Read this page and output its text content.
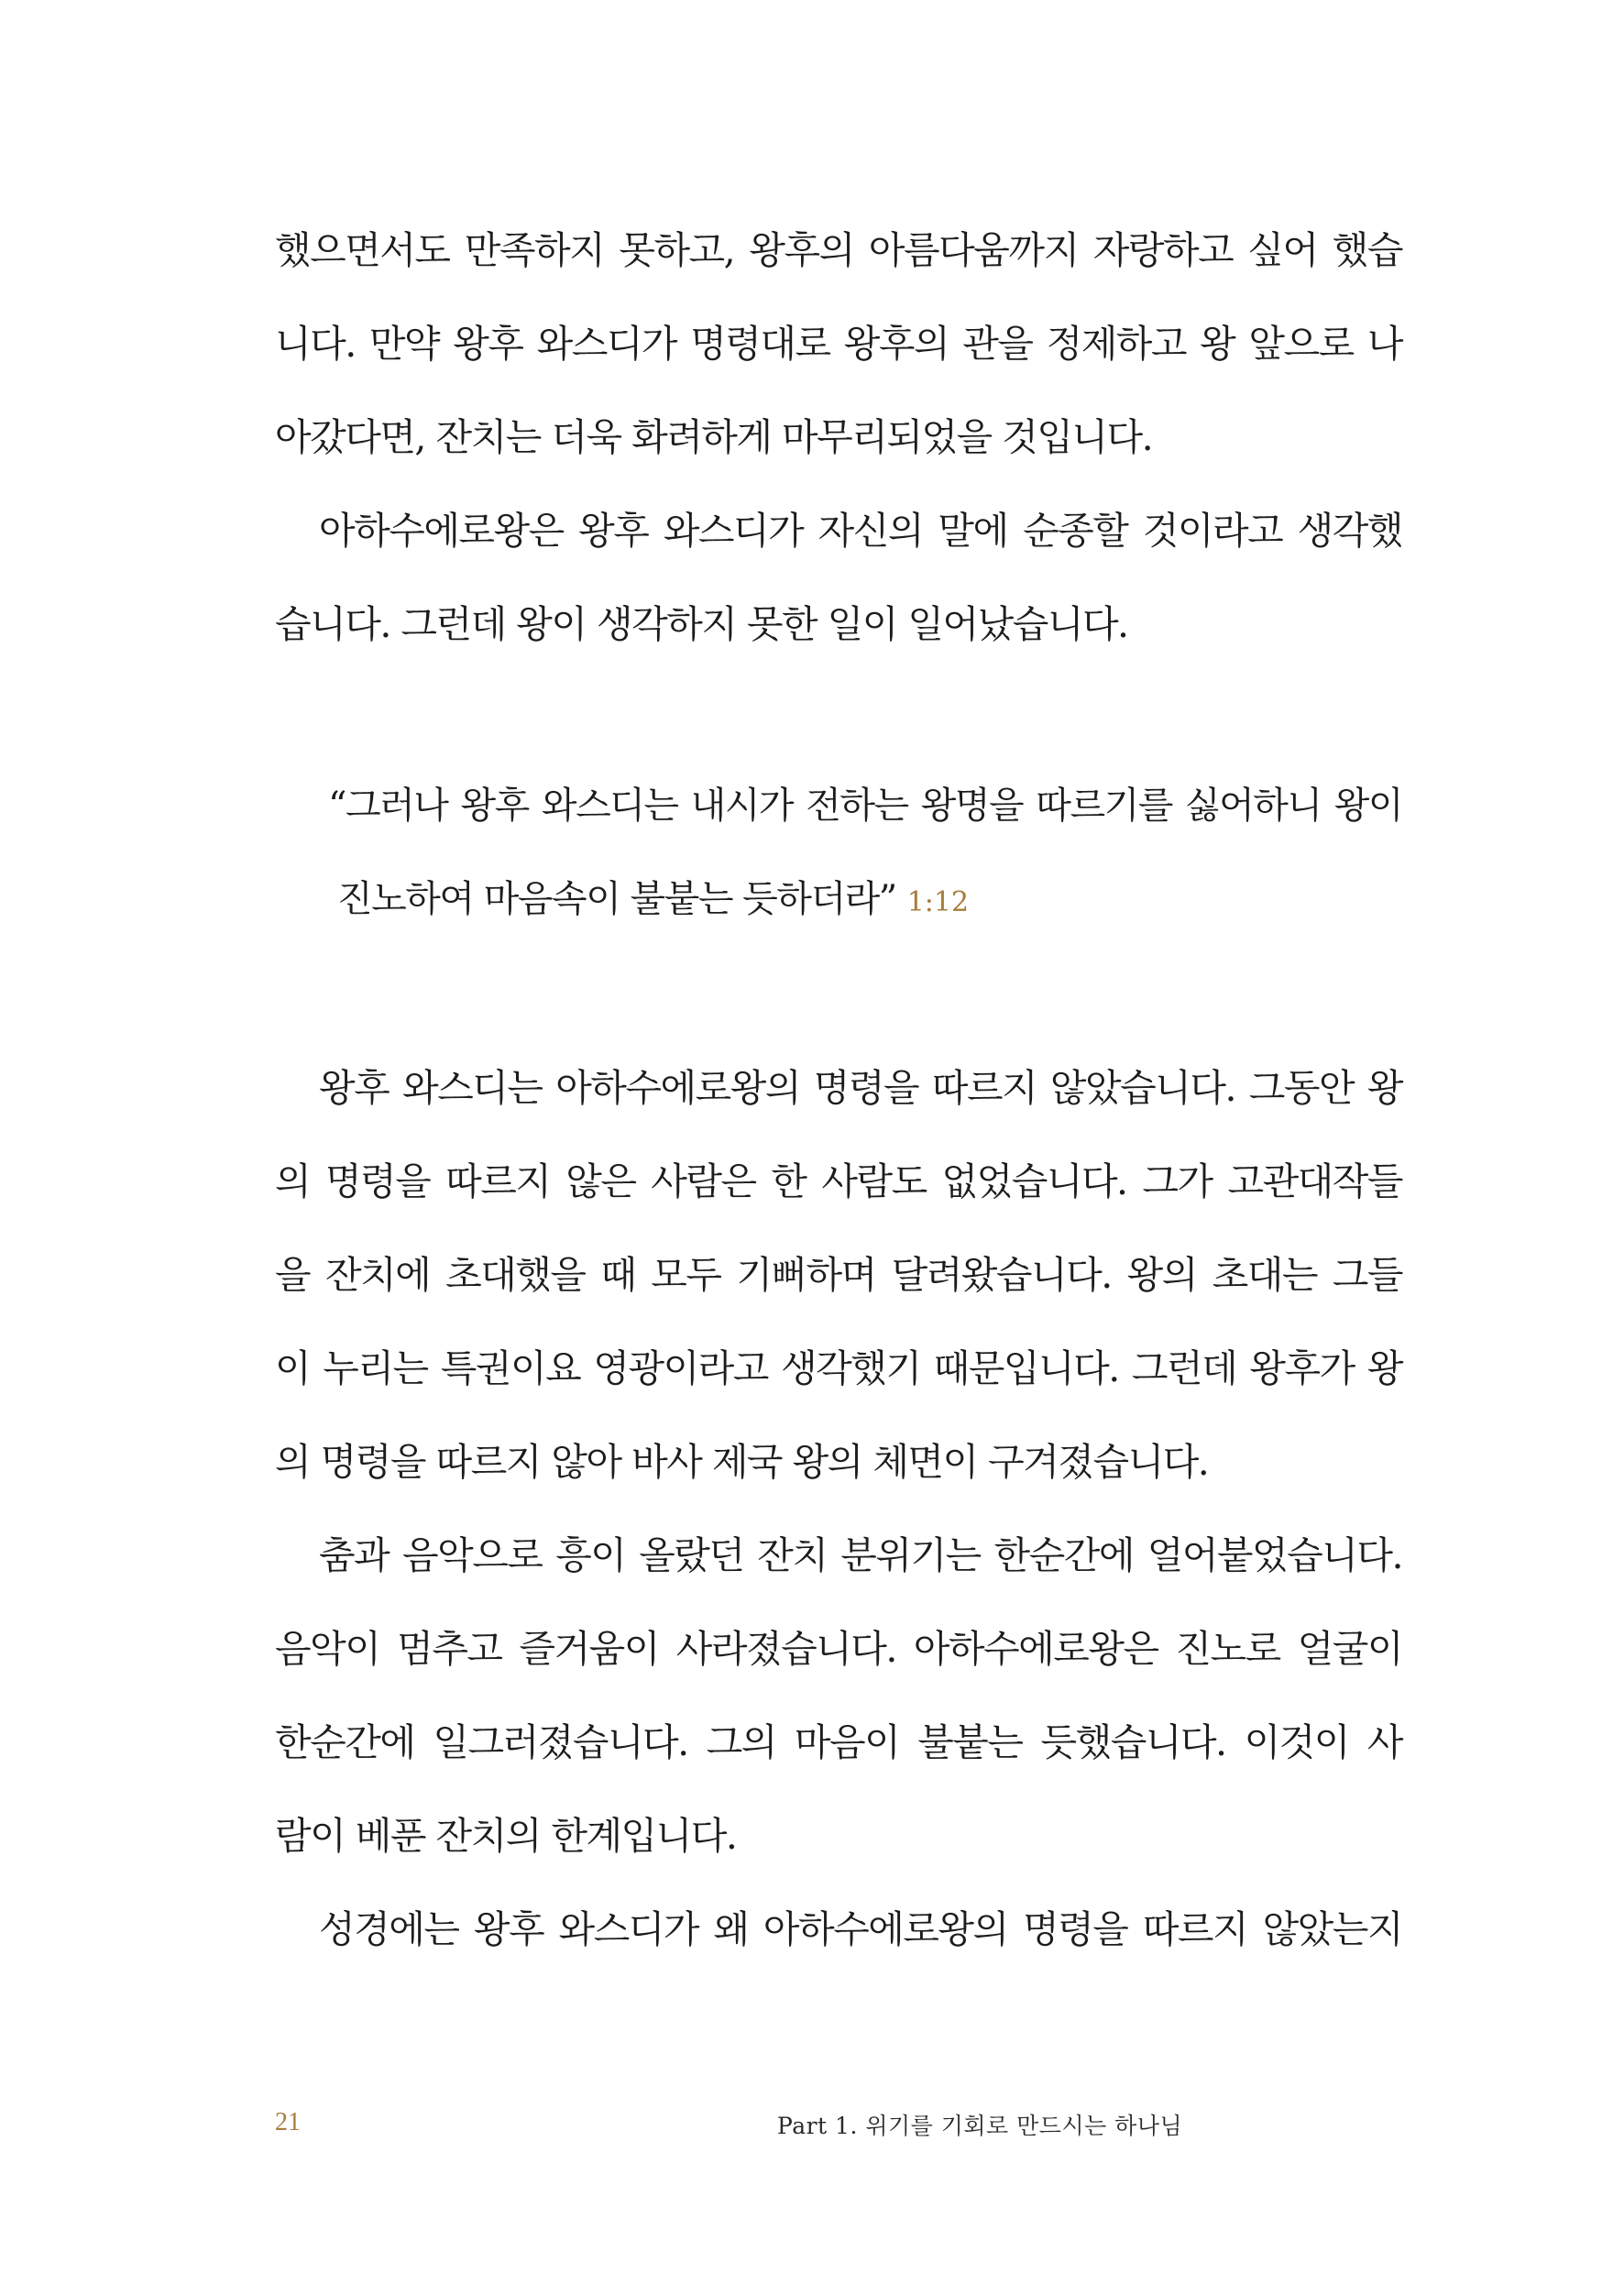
했으면서도 만족하지 못하고, 왕후의 아름다움까지 자랑하고 싶어 했습
니다. 만약 왕후 와스디가 명령대로 왕후의 관을 정제하고 왕 앞으로 나
아갔다면, 잔치는 더욱 화려하게 마무리되었을 것입니다.
아하수에로왕은 왕후 와스디가 자신의 말에 순종할 것이라고 생각했
습니다. 그런데 왕이 생각하지 못한 일이 일어났습니다.
“그러나 왕후 와스디는 내시가 전하는 왕명을 따르기를 싫어하니 왕이
진노하여 마음속이 불붙는 듯하더라” 1:12
왕후 와스디는 아하수에로왕의 명령을 따르지 않았습니다. 그동안 왕
의 명령을 따르지 않은 사람은 한 사람도 없었습니다. 그가 고관대작들
을 잔치에 초대했을 때 모두 기뻐하며 달려왔습니다. 왕의 초대는 그들
이 누리는 특권이요 영광이라고 생각했기 때문입니다. 그런데 왕후가 왕
의 명령을 따르지 않아 바사 제국 왕의 체면이 구겨졌습니다.
춤과 음악으로 흥이 올랐던 잔치 분위기는 한순간에 얼어붙었습니다.
음악이 멈추고 즐거움이 사라졌습니다. 아하수에로왕은 진노로 얼굴이
한순간에 일그러졌습니다. 그의 마음이 불붙는 듯했습니다. 이것이 사
람이 베푼 잔치의 한계입니다.
성경에는 왕후 와스디가 왜 아하수에로왕의 명령을 따르지 않았는지
21	Part 1. 위기를 기회로 만드시는 하나님
